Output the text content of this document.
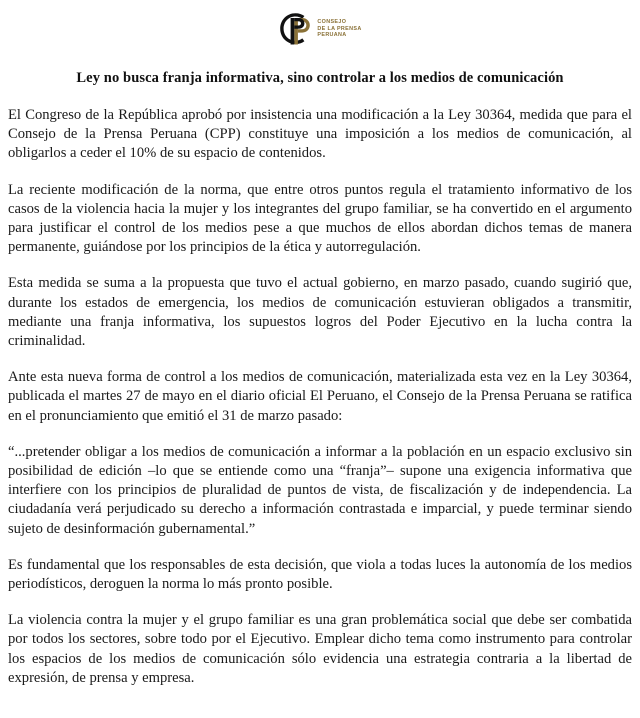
CONSEJO
DE LA PRENSA
PERUANA
Ley no busca franja informativa, sino controlar a los medios de comunicación

El Congreso de la República aprobó por insistencia una modificación a la Ley 30364, medida que para el Consejo de la Prensa Peruana (CPP) constituye una imposición a los medios de comunicación, al obligarlos a ceder el 10% de su espacio de contenidos.

La reciente modificación de la norma, que entre otros puntos regula el tratamiento informativo de los casos de la violencia hacia la mujer y los integrantes del grupo familiar, se ha convertido en el argumento para justificar el control de los medios pese a que muchos de ellos abordan dichos temas de manera permanente, guiándose por los principios de la ética y autorregulación.

Esta medida se suma a la propuesta que tuvo el actual gobierno, en marzo pasado, cuando sugirió que, durante los estados de emergencia, los medios de comunicación estuvieran obligados a transmitir, mediante una franja informativa, los supuestos logros del Poder Ejecutivo en la lucha contra la criminalidad.

Ante esta nueva forma de control a los medios de comunicación, materializada esta vez en la Ley 30364, publicada el martes 27 de mayo en el diario oficial El Peruano, el Consejo de la Prensa Peruana se ratifica en el pronunciamiento que emitió el 31 de marzo pasado:

“...pretender obligar a los medios de comunicación a informar a la población en un espacio exclusivo sin posibilidad de edición –lo que se entiende como una “franja”– supone una exigencia informativa que interfiere con los principios de pluralidad de puntos de vista, de fiscalización y de independencia. La ciudadanía verá perjudicado su derecho a información contrastada e imparcial, y puede terminar siendo sujeto de desinformación gubernamental.”

Es fundamental que los responsables de esta decisión, que viola a todas luces la autonomía de los medios periodísticos, deroguen la norma lo más pronto posible.

La violencia contra la mujer y el grupo familiar es una gran problemática social que debe ser combatida por todos los sectores, sobre todo por el Ejecutivo. Emplear dicho tema como instrumento para controlar los espacios de los medios de comunicación sólo evidencia una estrategia contraria a la libertad de expresión, de prensa y empresa.
